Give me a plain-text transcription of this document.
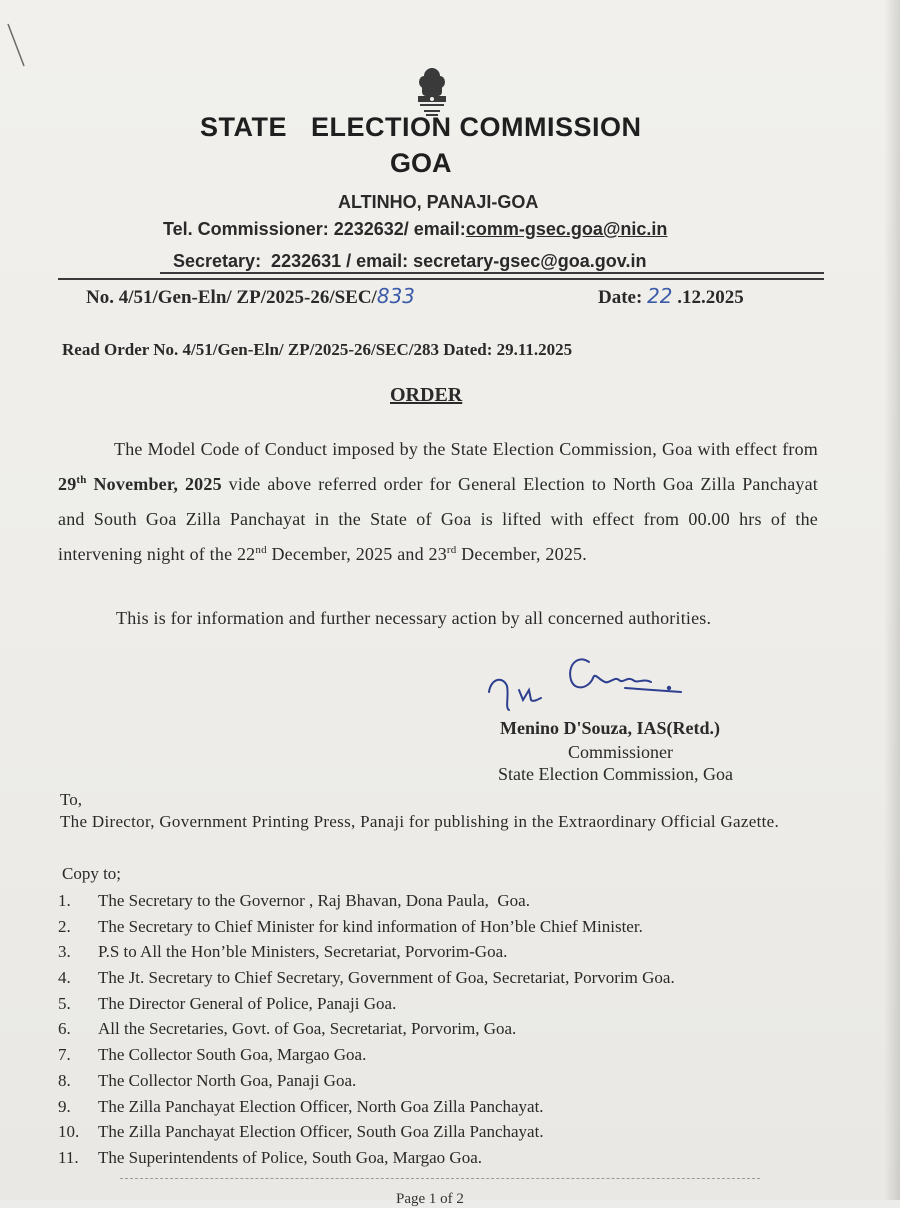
STATE   ELECTION COMMISSION
GOA
ALTINHO, PANAJI-GOA
Tel. Commissioner: 2232632/ email:comm-gsec.goa@nic.in
Secretary:  2232631 / email: secretary-gsec@goa.gov.in
No. 4/51/Gen-Eln/ ZP/2025-26/SEC/833	Date: 22 .12.2025
Read Order No. 4/51/Gen-Eln/ ZP/2025-26/SEC/283 Dated: 29.11.2025
ORDER
The Model Code of Conduct imposed by the State Election Commission, Goa with effect from 29th November, 2025 vide above referred order for General Election to North Goa Zilla Panchayat and South Goa Zilla Panchayat in the State of Goa is lifted with effect from 00.00 hrs of the intervening night of the 22nd December, 2025 and 23rd December, 2025.
This is for information and further necessary action by all concerned authorities.
Menino D'Souza, IAS(Retd.)
Commissioner
State Election Commission, Goa
To,
The Director, Government Printing Press, Panaji for publishing in the Extraordinary Official Gazette.
Copy to;
1. The Secretary to the Governor , Raj Bhavan, Dona Paula,  Goa.
2. The Secretary to Chief Minister for kind information of Hon’ble Chief Minister.
3. P.S to All the Hon’ble Ministers, Secretariat, Porvorim-Goa.
4. The Jt. Secretary to Chief Secretary, Government of Goa, Secretariat, Porvorim Goa.
5. The Director General of Police, Panaji Goa.
6. All the Secretaries, Govt. of Goa, Secretariat, Porvorim, Goa.
7. The Collector South Goa, Margao Goa.
8. The Collector North Goa, Panaji Goa.
9. The Zilla Panchayat Election Officer, North Goa Zilla Panchayat.
10. The Zilla Panchayat Election Officer, South Goa Zilla Panchayat.
11. The Superintendents of Police, South Goa, Margao Goa.
Page 1 of 2
